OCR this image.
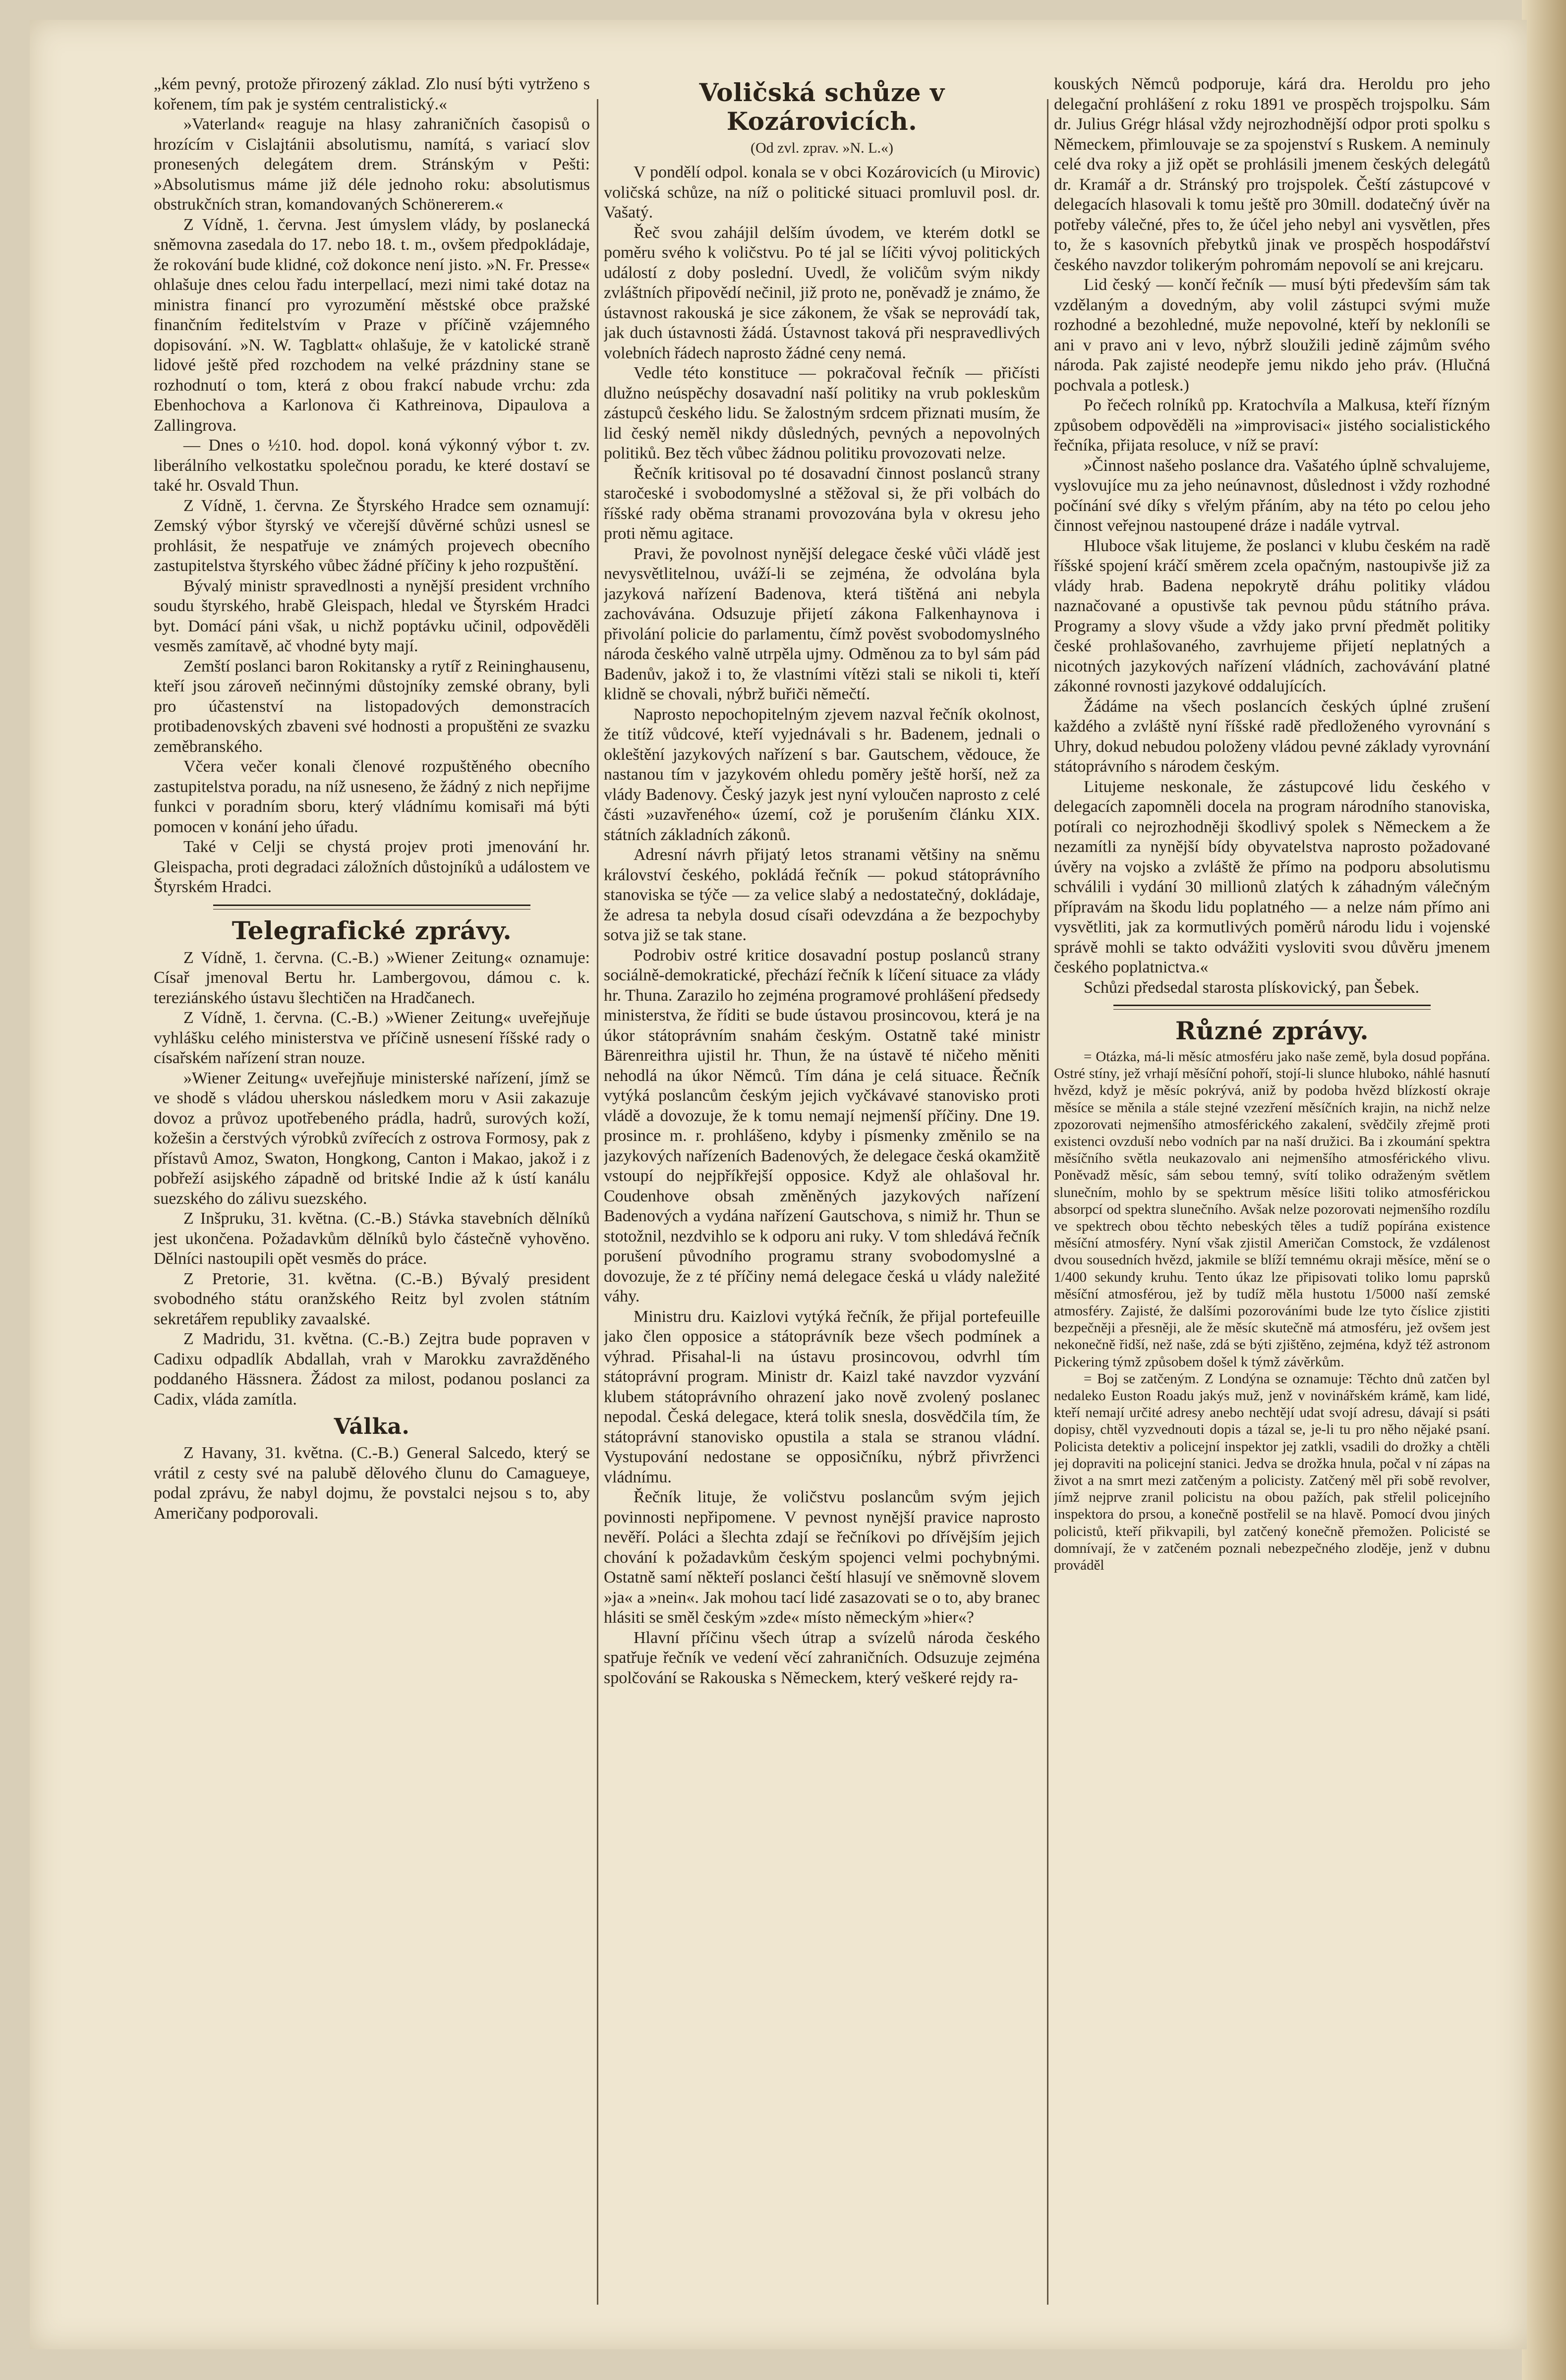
„kém pevný, protože přirozený základ. Zlo nusí býti vytrženo s kořenem, tím pak je systém centralistický.«

»Vaterland« reaguje na hlasy zahraničních časopisů o hrozícím v Cislajtánii absolutismu, namítá, s variací slov pronesených delegátem drem. Stránským v Pešti: »Absolutismus máme již déle jednoho roku: absolutismus obstrukčních stran, komandovaných Schönererem.«

Z Vídně, 1. června. Jest úmyslem vlády, by poslanecká sněmovna zasedala do 17. nebo 18. t. m., ovšem předpokládaje, že rokování bude klidné, což dokonce není jisto. »N. Fr. Presse« ohlašuje dnes celou řadu interpellací, mezi nimi také dotaz na ministra financí pro vyrozumění městské obce pražské finančním ředitelstvím v Praze v příčině vzájemného dopisování. »N. W. Tagblatt« ohlašuje, že v katolické straně lidové ještě před rozchodem na velké prázdniny stane se rozhodnutí o tom, která z obou frakcí nabude vrchu: zda Ebenhochova a Karlonova či Kathreinova, Dipaulova a Zallingrova.

— Dnes o ½10. hod. dopol. koná výkonný výbor t. zv. liberálního velkostatku společnou poradu, ke které dostaví se také hr. Osvald Thun.

Z Vídně, 1. června. Ze Štyrského Hradce sem oznamují: Zemský výbor štyrský ve včerejší důvěrné schůzi usnesl se prohlásit, že nespatřuje ve známých projevech obecního zastupitelstva štyrského vůbec žádné příčiny k jeho rozpuštění.

Bývalý ministr spravedlnosti a nynější president vrchního soudu štyrského, hrabě Gleispach, hledal ve Štyrském Hradci byt. Domácí páni však, u nichž poptávku učinil, odpověděli vesměs zamítavě, ač vhodné byty mají.

Zemští poslanci baron Rokitansky a rytíř z Reininghausenu, kteří jsou zároveň nečinnými důstojníky zemské obrany, byli pro účastenství na listopadových demonstracích protibadenovských zbaveni své hodnosti a propuštěni ze svazku zeměbranského.

Včera večer konali členové rozpuštěného obecního zastupitelstva poradu, na níž usneseno, že žádný z nich nepřijme funkci v poradním sboru, který vládnímu komisaři má býti pomocen v konání jeho úřadu.

Také v Celji se chystá projev proti jmenování hr. Gleispacha, proti degradaci záložních důstojníků a událostem ve Štyrském Hradci.

Telegrafické zprávy.

Z Vídně, 1. června. (C.-B.) »Wiener Zeitung« oznamuje: Císař jmenoval Bertu hr. Lambergovou, dámou c. k. tereziánského ústavu šlechtičen na Hradčanech.

Z Vídně, 1. června. (C.-B.) »Wiener Zeitung« uveřejňuje vyhlášku celého ministerstva ve příčině usnesení říšské rady o císařském nařízení stran nouze.

»Wiener Zeitung« uveřejňuje ministerské nařízení, jímž se ve shodě s vládou uherskou následkem moru v Asii zakazuje dovoz a průvoz upotřebeného prádla, hadrů, surových koží, kožešin a čerstvých výrobků zvířecích z ostrova Formosy, pak z přístavů Amoz, Swaton, Hongkong, Canton i Makao, jakož i z pobřeží asijského západně od britské Indie až k ústí kanálu suezského do zálivu suezského.

Z Inšpruku, 31. května. (C.-B.) Stávka stavebních dělníků jest ukončena. Požadavkům dělníků bylo částečně vyhověno. Dělníci nastoupili opět vesměs do práce.

Z Pretorie, 31. května. (C.-B.) Bývalý president svobodného státu oranžského Reitz byl zvolen státním sekretářem republiky zavaalské.

Z Madridu, 31. května. (C.-B.) Zejtra bude popraven v Cadixu odpadlík Abdallah, vrah v Marokku zavražděného poddaného Hässnera. Žádost za milost, podanou poslanci za Cadix, vláda zamítla.

Válka.

Z Havany, 31. května. (C.-B.) General Salcedo, který se vrátil z cesty své na palubě dělového člunu do Camagueye, podal zprávu, že nabyl dojmu, že povstalci nejsou s to, aby Američany podporovali.

Voličská schůze v Kozárovicích.
(Od zvl. zprav. »N. L.«)

V pondělí odpol. konala se v obci Kozárovicích (u Mirovic) voličská schůze, na níž o politické situaci promluvil posl. dr. Vašatý.

Řeč svou zahájil delším úvodem, ve kterém dotkl se poměru svého k voličstvu. Po té jal se líčiti vývoj politických událostí z doby poslední. Uvedl, že voličům svým nikdy zvláštních připovědí nečinil, již proto ne, poněvadž je známo, že ústavnost rakouská je sice zákonem, že však se neprovádí tak, jak duch ústavnosti žádá. Ústavnost taková při nespravedlivých volebních řádech naprosto žádné ceny nemá.

Vedle této konstituce — pokračoval řečník — přičísti dlužno neúspěchy dosavadní naší politiky na vrub pokleskům zástupců českého lidu. Se žalostným srdcem přiznati musím, že lid český neměl nikdy důsledných, pevných a nepovolných politiků. Bez těch vůbec žádnou politiku provozovati nelze.

Řečník kritisoval po té dosavadní činnost poslanců strany staročeské i svobodomyslné a stěžoval si, že při volbách do říšské rady oběma stranami provozována byla v okresu jeho proti němu agitace.

Pravi, že povolnost nynější delegace české vůči vládě jest nevysvětlitelnou, uváží-li se zejména, že odvolána byla jazyková nařízení Badenova, která tištěná ani nebyla zachovávána. Odsuzuje přijetí zákona Falkenhaynova i přivolání policie do parlamentu, čímž pověst svobodomyslného národa českého valně utrpěla ujmy. Odměnou za to byl sám pád Badenův, jakož i to, že vlastními vítězi stali se nikoli ti, kteří klidně se chovali, nýbrž buřiči němečtí.

Naprosto nepochopitelným zjevem nazval řečník okolnost, že titíž vůdcové, kteří vyjednávali s hr. Badenem, jednali o okleštění jazykových nařízení s bar. Gautschem, vědouce, že nastanou tím v jazykovém ohledu poměry ještě horší, než za vlády Badenovy. Český jazyk jest nyní vyloučen naprosto z celé části »uzavřeného« území, což je porušením článku XIX. státních základních zákonů.

Adresní návrh přijatý letos stranami většiny na sněmu království českého, pokládá řečník — pokud státoprávního stanoviska se týče — za velice slabý a nedostatečný, dokládaje, že adresa ta nebyla dosud císaři odevzdána a že bezpochyby sotva již se tak stane.

Podrobiv ostré kritice dosavadní postup poslanců strany sociálně-demokratické, přechází řečník k líčení situace za vlády hr. Thuna. Zarazilo ho zejména programové prohlášení předsedy ministerstva, že říditi se bude ústavou prosincovou, která je na úkor státoprávním snahám českým. Ostatně také ministr Bärenreithra ujistil hr. Thun, že na ústavě té ničeho měniti nehodlá na úkor Němců. Tím dána je celá situace. Řečník vytýká poslancům českým jejich vyčkávavé stanovisko proti vládě a dovozuje, že k tomu nemají nejmenší příčiny. Dne 19. prosince m. r. prohlášeno, kdyby i písmenky změnilo se na jazykových nařízeních Badenových, že delegace česká okamžitě vstoupí do nejpříkřejší opposice. Když ale ohlašoval hr. Coudenhove obsah změněných jazykových nařízení Badenových a vydána nařízení Gautschova, s nimiž hr. Thun se stotožnil, nezdvihlo se k odporu ani ruky. V tom shledává řečník porušení původního programu strany svobodomyslné a dovozuje, že z té příčiny nemá delegace česká u vlády naležité váhy.

Ministru dru. Kaizlovi vytýká řečník, že přijal portefeuille jako člen opposice a státoprávník beze všech podmínek a výhrad. Přisahal-li na ústavu prosincovou, odvrhl tím státoprávní program. Ministr dr. Kaizl také navzdor vyzvání klubem státoprávního ohrazení jako nově zvolený poslanec nepodal. Česká delegace, která tolik snesla, dosvědčila tím, že státoprávní stanovisko opustila a stala se stranou vládní. Vystupování nedostane se opposičníku, nýbrž přivrženci vládnímu.

Řečník lituje, že voličstvu poslancům svým jejich povinnosti nepřipomene. V pevnost nynější pravice naprosto nevěří. Poláci a šlechta zdají se řečníkovi po dřívějším jejich chování k požadavkům českým spojenci velmi pochybnými. Ostatně samí někteří poslanci čeští hlasují ve sněmovně slovem »ja« a »nein«. Jak mohou tací lidé zasazovati se o to, aby branec hlásiti se směl českým »zde« místo německým »hier«?

Hlavní příčinu všech útrap a svízelů národa českého spatřuje řečník ve vedení věcí zahraničních. Odsuzuje zejména spolčování se Rakouska s Německem, který veškeré rejdy ra-

kouských Němců podporuje, kárá dra. Heroldu pro jeho delegační prohlášení z roku 1891 ve prospěch trojspolku. Sám dr. Julius Grégr hlásal vždy nejrozhodnější odpor proti spolku s Německem, přimlouvaje se za spojenství s Ruskem. A neminuly celé dva roky a již opět se prohlásili jmenem českých delegátů dr. Kramář a dr. Stránský pro trojspolek. Čeští zástupcové v delegacích hlasovali k tomu ještě pro 30mill. dodatečný úvěr na potřeby válečné, přes to, že účel jeho nebyl ani vysvětlen, přes to, že s kasovních přebytků jinak ve prospěch hospodářství českého navzdor tolikerým pohromám nepovolí se ani krejcaru.

Lid český — končí řečník — musí býti především sám tak vzdělaným a dovedným, aby volil zástupci svými muže rozhodné a bezohledné, muže nepovolné, kteří by nekloníli se ani v pravo ani v levo, nýbrž sloužili jedině zájmům svého národa. Pak zajisté neodepře jemu nikdo jeho práv. (Hlučná pochvala a potlesk.)

Po řečech rolníků pp. Kratochvíla a Malkusa, kteří řízným způsobem odpověděli na »improvisaci« jistého socialistického řečníka, přijata resoluce, v níž se praví:

»Činnost našeho poslance dra. Vašatého úplně schvalujeme, vyslovujíce mu za jeho neúnavnost, důslednost i vždy rozhodné počínání své díky s vřelým přáním, aby na této po celou jeho činnost veřejnou nastoupené dráze i nadále vytrval.

Hluboce však litujeme, že poslanci v klubu českém na radě říšské spojení kráčí směrem zcela opačným, nastoupivše již za vlády hrab. Badena nepokrytě dráhu politiky vládou naznačované a opustivše tak pevnou půdu státního práva. Programy a slovy všude a vždy jako první předmět politiky české prohlašovaného, zavrhujeme přijetí neplatných a nicotných jazykových nařízení vládních, zachovávání platné zákonné rovnosti jazykové oddalujících.

Žádáme na všech poslancích českých úplné zrušení každého a zvláště nyní říšské radě předloženého vyrovnání s Uhry, dokud nebudou položeny vládou pevné základy vyrovnání státoprávního s národem českým.

Litujeme neskonale, že zástupcové lidu českého v delegacích zapomněli docela na program národního stanoviska, potírali co nejrozhodněji škodlivý spolek s Německem a že nezamítli za nynější bídy obyvatelstva naprosto požadované úvěry na vojsko a zvláště že přímo na podporu absolutismu schválili i vydání 30 millionů zlatých k záhadným válečným přípravám na škodu lidu poplatného — a nelze nám přímo ani vysvětliti, jak za kormutlivých poměrů národu lidu i vojenské správě mohli se takto odvážiti vysloviti svou důvěru jmenem českého poplatnictva.«

Schůzi předsedal starosta plískovický, pan Šebek.

Různé zprávy.

= Otázka, má-li měsíc atmosféru jako naše země, byla dosud popřána. Ostré stíny, jež vrhají měsíční pohoří, stojí-li slunce hluboko, náhlé hasnutí hvězd, když je měsíc pokrývá, aniž by podoba hvězd blízkostí okraje měsíce se měnila a stále stejné vzezření měsíčních krajin, na nichž nelze zpozorovati nejmenšího atmosférického zakalení, svědčily zřejmě proti existenci ovzduší nebo vodních par na naší družici. Ba i zkoumání spektra měsíčního světla neukazovalo ani nejmenšího atmosférického vlivu. Poněvadž měsíc, sám sebou temný, svítí toliko odraženým světlem slunečním, mohlo by se spektrum měsíce lišiti toliko atmosférickou absorpcí od spektra slunečního. Avšak nelze pozorovati nejmenšího rozdílu ve spektrech obou těchto nebeských těles a tudíž popírána existence měsíční atmosféry. Nyní však zjistil Američan Comstock, že vzdálenost dvou sousedních hvězd, jakmile se blíží temnému okraji měsíce, mění se o 1/400 sekundy kruhu. Tento úkaz lze připisovati toliko lomu paprsků měsíční atmosférou, jež by tudíž měla hustotu 1/5000 naší zemské atmosféry. Zajisté, že dalšími pozorováními bude lze tyto číslice zjistiti bezpečněji a přesněji, ale že měsíc skutečně má atmosféru, jež ovšem jest nekonečně řidší, než naše, zdá se býti zjištěno, zejména, když též astronom Pickering týmž způsobem došel k týmž závěrkům.

= Boj se zatčeným. Z Londýna se oznamuje: Těchto dnů zatčen byl nedaleko Euston Roadu jakýs muž, jenž v novinářském krámě, kam lidé, kteří nemají určité adresy anebo nechtějí udat svojí adresu, dávají si psáti dopisy, chtěl vyzvednouti dopis a tázal se, je-li tu pro něho nějaké psaní. Policista detektiv a policejní inspektor jej zatkli, vsadili do drožky a chtěli jej dopraviti na policejní stanici. Jedva se drožka hnula, počal v ní zápas na život a na smrt mezi zatčeným a policisty. Zatčený měl při sobě revolver, jímž nejprve zranil policistu na obou pažích, pak střelil policejního inspektora do prsou, a konečně postřelil se na hlavě. Pomocí dvou jiných policistů, kteří přikvapili, byl zatčený konečně přemožen. Policisté se domnívají, že v zatčeném poznali nebezpečného zloděje, jenž v dubnu prováděl
